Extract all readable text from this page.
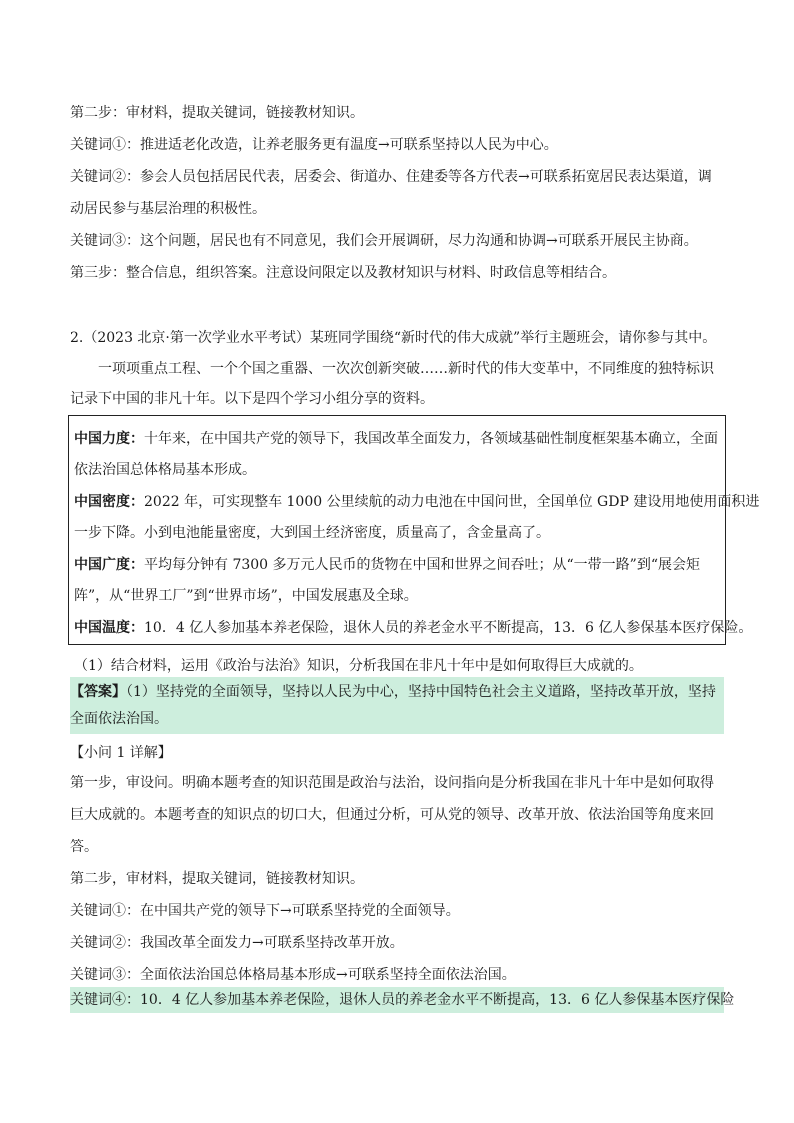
第二步：审材料，提取关键词，链接教材知识。
关键词①：推进适老化改造，让养老服务更有温度→可联系坚持以人民为中心。
关键词②：参会人员包括居民代表，居委会、街道办、住建委等各方代表→可联系拓宽居民表达渠道，调
动居民参与基层治理的积极性。
关键词③：这个问题，居民也有不同意见，我们会开展调研，尽力沟通和协调→可联系开展民主协商。
第三步：整合信息，组织答案。注意设问限定以及教材知识与材料、时政信息等相结合。
2.（2023 北京·第一次学业水平考试）某班同学围绕“新时代的伟大成就”举行主题班会，请你参与其中。
一项项重点工程、一个个国之重器、一次次创新突破……新时代的伟大变革中，不同维度的独特标识
记录下中国的非凡十年。以下是四个学习小组分享的资料。
中国力度：十年来，在中国共产党的领导下，我国改革全面发力，各领域基础性制度框架基本确立，全面
依法治国总体格局基本形成。
中国密度：2022 年，可实现整车 1000 公里续航的动力电池在中国问世，全国单位 GDP 建设用地使用面积进
一步下降。小到电池能量密度，大到国土经济密度，质量高了，含金量高了。
中国广度：平均每分钟有 7300 多万元人民币的货物在中国和世界之间吞吐；从“一带一路”到“展会矩
阵”，从“世界工厂”到“世界市场”，中国发展惠及全球。
中国温度：10．4 亿人参加基本养老保险，退休人员的养老金水平不断提高，13．6 亿人参保基本医疗保险。
（1）结合材料，运用《政治与法治》知识，分析我国在非凡十年中是如何取得巨大成就的。
【答案】（1）坚持党的全面领导，坚持以人民为中心，坚持中国特色社会主义道路，坚持改革开放，坚持
全面依法治国。
【小问 1 详解】
第一步，审设问。明确本题考查的知识范围是政治与法治，设问指向是分析我国在非凡十年中是如何取得
巨大成就的。本题考查的知识点的切口大，但通过分析，可从党的领导、改革开放、依法治国等角度来回
答。
第二步，审材料，提取关键词，链接教材知识。
关键词①：在中国共产党的领导下→可联系坚持党的全面领导。
关键词②：我国改革全面发力→可联系坚持改革开放。
关键词③：全面依法治国总体格局基本形成→可联系坚持全面依法治国。
关键词④：10．4 亿人参加基本养老保险，退休人员的养老金水平不断提高，13．6 亿人参保基本医疗保险
